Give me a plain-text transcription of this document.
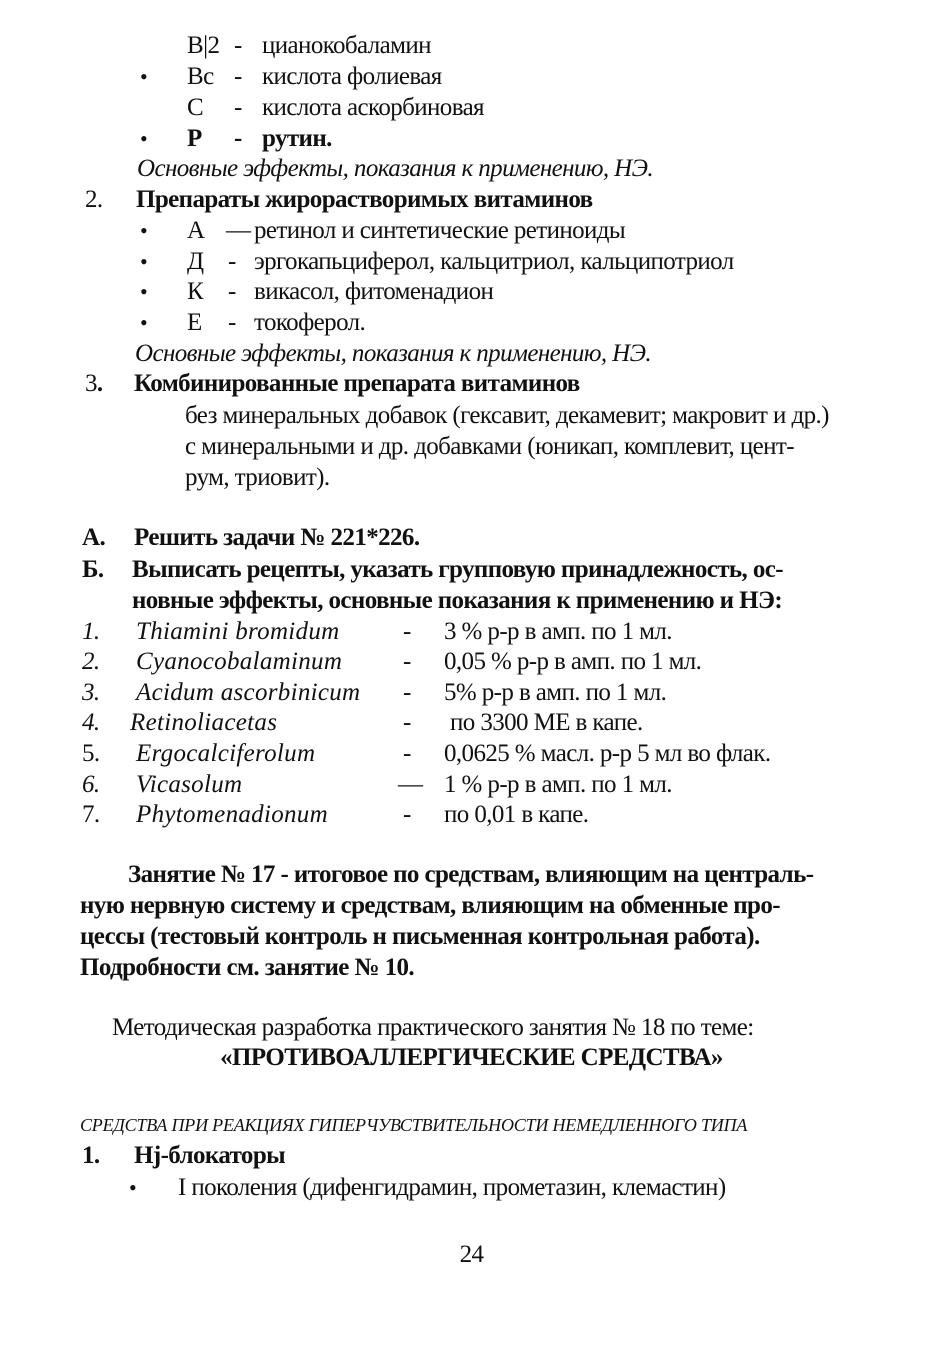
B|2 - цианокобаламин
• Bc - кислота фолиевая
C - кислота аскорбиновая
• P - рутин.
Основные эффекты, показания к применению, НЭ.
2. Препараты жирорастворимых витаминов
• А — ретинол и синтетические ретиноиды
• Д - эргокапьциферол, кальцитриол, кальципотриол
• К - викасол, фитоменадион
• Е - токоферол.
Основные эффекты, показания к применению, НЭ.
3. Комбинированные препарата витаминов
без минеральных добавок (гексавит, декамевит; макровит и др.)
с минеральными и др. добавками (юникап, комплевит, цент-
рум, триовит).
А. Решить задачи № 221*226.
Б. Выписать рецепты, указать групповую принадлежность, ос-
новные эффекты, основные показания к применению и НЭ:
1. Thiamini bromidum	- 3 % р-р в амп. по 1 мл.
2. Cyanocobalaminum - 0,05 % р-р в амп. по 1 мл.
3. Acidum ascorbinicum - 5% р-р в амп. по 1 мл.
4. Retinoliacetas	- по 3300 ME в капе.
5. Ergocalciferolum	- 0,0625 % масл. р-р 5 мл во флак.
6. Vicasolum	— 1 % р-р в амп. по 1 мл.
7. Phytomenadionum	- по 0,01 в капе.
Занятие № 17 - итоговое по средствам, влияющим на централь-
ную нервную систему и средствам, влияющим на обменные про-
цессы (тестовый контроль н письменная контрольная работа).
Подробности см. занятие № 10.
Методическая разработка практического занятия № 18 по теме:
«ПРОТИВОАЛЛЕРГИЧЕСКИЕ СРЕДСТВА»
СРЕДСТВА ПРИ РЕАКЦИЯХ ГИПЕРЧУВСТВИТЕЛЬНОСТИ НЕМЕДЛЕННОГО ТИПА
1. Hj-блокаторы
• I поколения (дифенгидрамин, прометазин, клемастин)
24
